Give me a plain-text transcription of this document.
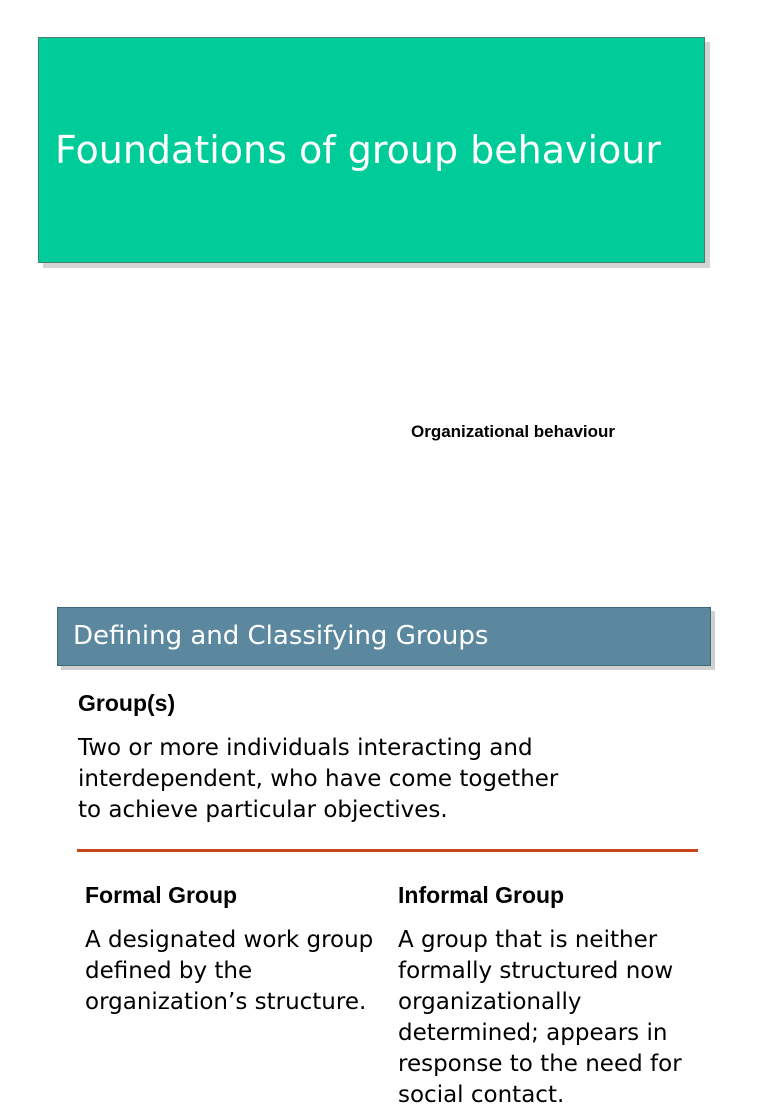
Foundations of group behaviour
Organizational behaviour
Defining and Classifying Groups
Group(s)
Two or more individuals interacting and interdependent, who have come together to achieve particular objectives.
Formal Group
A designated work group defined by the organization’s structure.
Informal Group
A group that is neither formally structured now organizationally determined; appears in response to the need for social contact.
